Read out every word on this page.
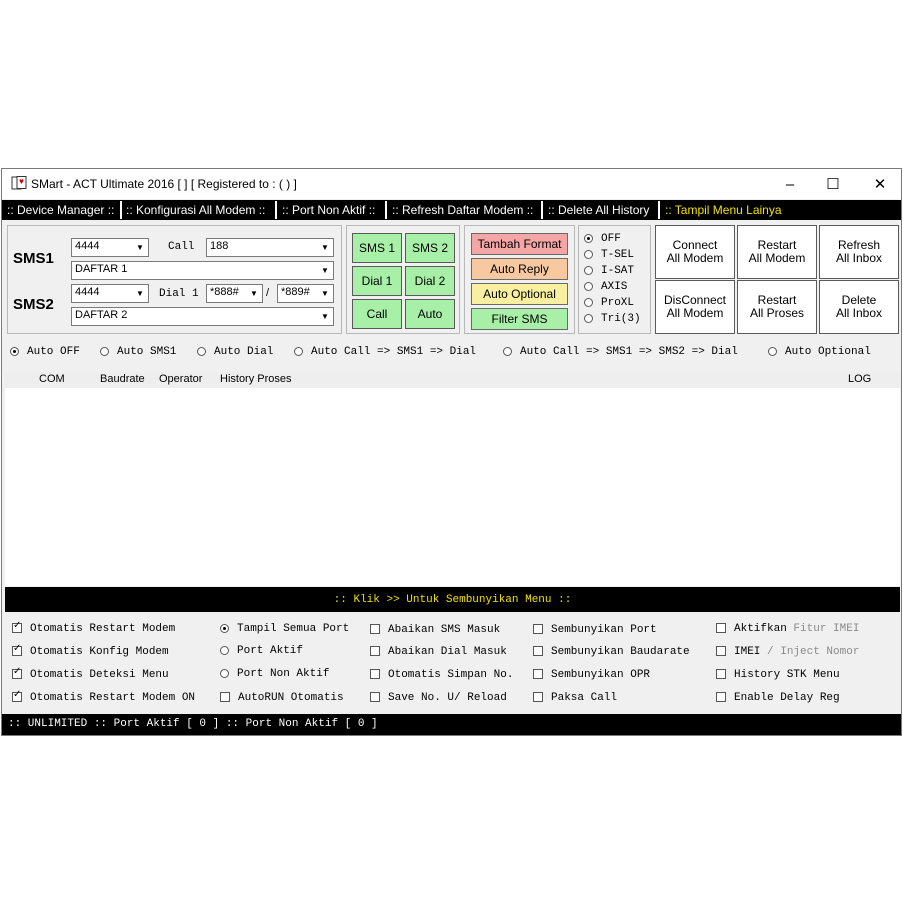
SMart - ACT Ultimate 2016 [ ] [ Registered to : ( ) ]	– ☐ ✕
:: Device Manager :: :: Konfigurasi All Modem :: :: Port Non Aktif :: :: Refresh Daftar Modem :: :: Delete All History :: Tampil Menu Lainya
SMS1
4444	▼ Call	188	▼
DAFTAR 1	▼
SMS2
4444	▼ Dial 1	*888#	▼ /	*889#	▼
DAFTAR 2	▼
SMS 1	SMS 2
Dial 1	Dial 2
Call	Auto
Tambah Format
Auto Reply
Auto Optional
Filter SMS
OFF
T-SEL
I-SAT
AXIS
ProXL
Tri(3)
Connect
All Modem
Restart
All Modem
Refresh
All Inbox
DisConnect
All Modem
Restart
All Proses
Delete
All Inbox
Auto OFF	Auto SMS1	Auto Dial	Auto Call => SMS1 => Dial	Auto Call => SMS1 => SMS2 => Dial	Auto Optional
COM	Baudrate Operator History Proses	LOG
:: Klik >> Untuk Sembunyikan Menu ::
✓Otomatis Restart Modem
✓Otomatis Konfig Modem
✓Otomatis Deteksi Menu
✓Otomatis Restart Modem ON
Tampil Semua Port
Port Aktif
Port Non Aktif
AutoRUN Otomatis
Abaikan SMS Masuk
Abaikan Dial Masuk
Otomatis Simpan No.
Save No. U/ Reload
Sembunyikan Port
Sembunyikan Baudarate
Sembunyikan OPR
Paksa Call
Aktifkan Fitur IMEI
IMEI / Inject Nomor
History STK Menu
Enable Delay Reg
:: UNLIMITED :: Port Aktif [ 0 ] :: Port Non Aktif [ 0 ]
